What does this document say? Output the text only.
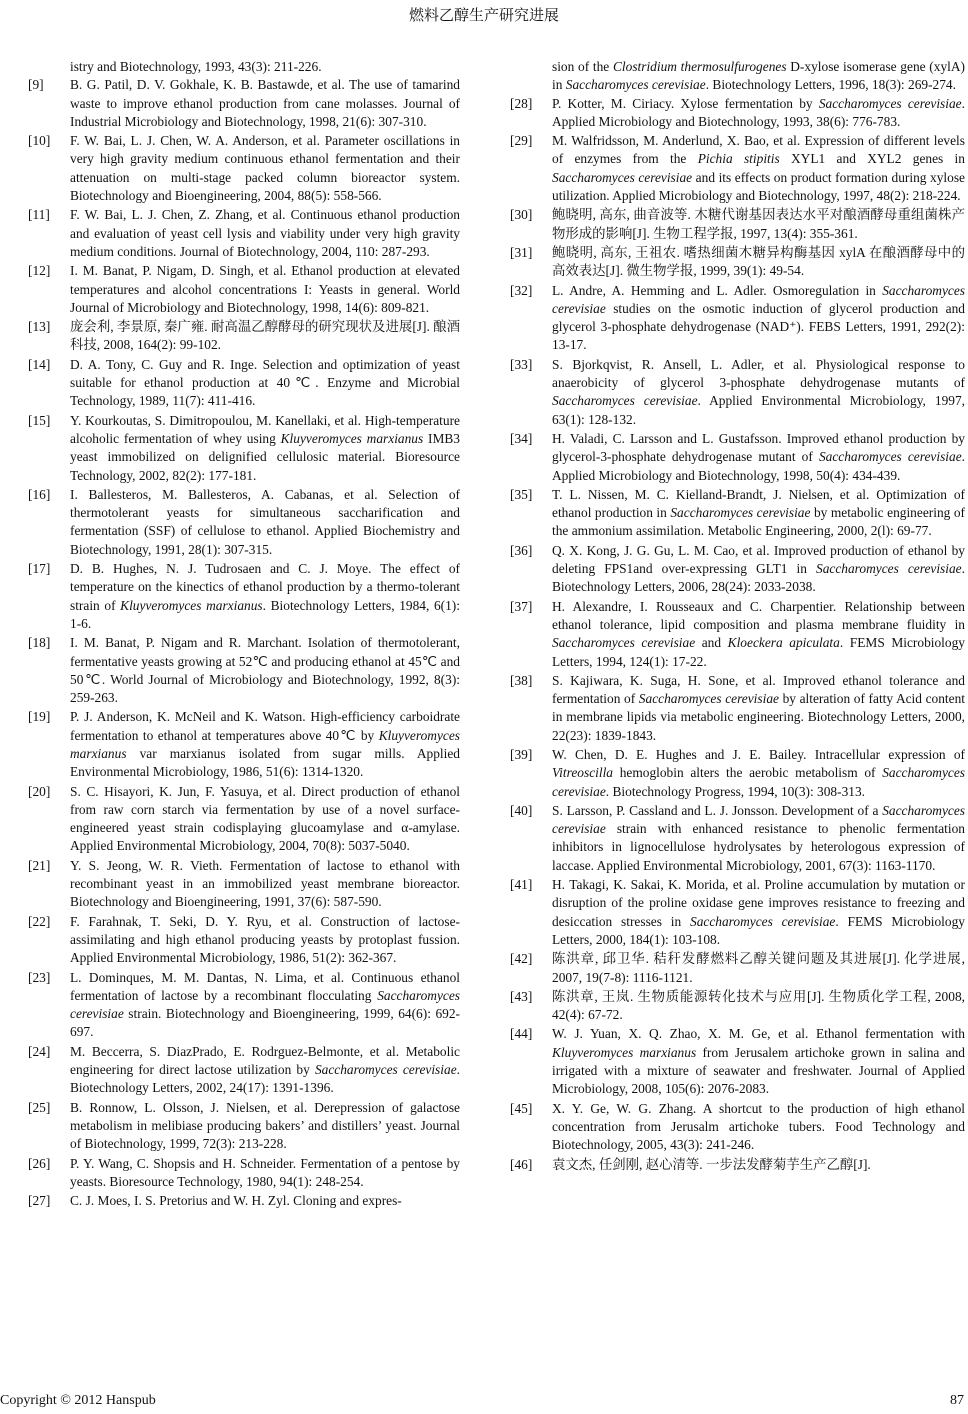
燃料乙醇生产研究进展
istry and Biotechnology, 1993, 43(3): 211-226.
[9]	B. G. Patil, D. V. Gokhale, K. B. Bastawde, et al. The use of tamarind waste to improve ethanol production from cane molasses. Journal of Industrial Microbiology and Biotechnology, 1998, 21(6): 307-310.
[10]	F. W. Bai, L. J. Chen, W. A. Anderson, et al. Parameter oscillations in very high gravity medium continuous ethanol fermentation and their attenuation on multi-stage packed column bioreactor system. Biotechnology and Bioengineering, 2004, 88(5): 558-566.
[11]	F. W. Bai, L. J. Chen, Z. Zhang, et al. Continuous ethanol production and evaluation of yeast cell lysis and viability under very high gravity medium conditions. Journal of Biotechnology, 2004, 110: 287-293.
[12]	I. M. Banat, P. Nigam, D. Singh, et al. Ethanol production at elevated temperatures and alcohol concentrations I: Yeasts in general. World Journal of Microbiology and Biotechnology, 1998, 14(6): 809-821.
[13]	庞会利, 李景原, 秦广雍. 耐高温乙醇酵母的研究现状及进展[J]. 酿酒科技, 2008, 164(2): 99-102.
[14]	D. A. Tony, C. Guy and R. Inge. Selection and optimization of yeast suitable for ethanol production at 40℃. Enzyme and Microbial Technology, 1989, 11(7): 411-416.
[15]	Y. Kourkoutas, S. Dimitropoulou, M. Kanellaki, et al. High-temperature alcoholic fermentation of whey using Kluyveromyces marxianus IMB3 yeast immobilized on delignified cellulosic material. Bioresource Technology, 2002, 82(2): 177-181.
[16]	I. Ballesteros, M. Ballesteros, A. Cabanas, et al. Selection of thermotolerant yeasts for simultaneous saccharification and fermentation (SSF) of cellulose to ethanol. Applied Biochemistry and Biotechnology, 1991, 28(1): 307-315.
[17]	D. B. Hughes, N. J. Tudrosaen and C. J. Moye. The effect of temperature on the kinectics of ethanol production by a thermo-tolerant strain of Kluyveromyces marxianus. Biotechnology Letters, 1984, 6(1): 1-6.
[18]	I. M. Banat, P. Nigam and R. Marchant. Isolation of thermotolerant, fermentative yeasts growing at 52℃ and producing ethanol at 45℃ and 50℃. World Journal of Microbiology and Biotechnology, 1992, 8(3): 259-263.
[19]	P. J. Anderson, K. McNeil and K. Watson. High-efficiency carboidrate fermentation to ethanol at temperatures above 40℃ by Kluyveromyces marxianus var marxianus isolated from sugar mills. Applied Environmental Microbiology, 1986, 51(6): 1314-1320.
[20]	S. C. Hisayori, K. Jun, F. Yasuya, et al. Direct production of ethanol from raw corn starch via fermentation by use of a novel surface-engineered yeast strain codisplaying glucoamylase and α-amylase. Applied Environmental Microbiology, 2004, 70(8): 5037-5040.
[21]	Y. S. Jeong, W. R. Vieth. Fermentation of lactose to ethanol with recombinant yeast in an immobilized yeast membrane bioreactor. Biotechnology and Bioengineering, 1991, 37(6): 587-590.
[22]	F. Farahnak, T. Seki, D. Y. Ryu, et al. Construction of lactose-assimilating and high ethanol producing yeasts by protoplast fussion. Applied Environmental Microbiology, 1986, 51(2): 362-367.
[23]	L. Dominques, M. M. Dantas, N. Lima, et al. Continuous ethanol fermentation of lactose by a recombinant flocculating Saccharomyces cerevisiae strain. Biotechnology and Bioengineering, 1999, 64(6): 692-697.
[24]	M. Beccerra, S. DiazPrado, E. Rodrguez-Belmonte, et al. Metabolic engineering for direct lactose utilization by Saccharomyces cerevisiae. Biotechnology Letters, 2002, 24(17): 1391-1396.
[25]	B. Ronnow, L. Olsson, J. Nielsen, et al. Derepression of galactose metabolism in melibiase producing bakers’ and distillers’ yeast. Journal of Biotechnology, 1999, 72(3): 213-228.
[26]	P. Y. Wang, C. Shopsis and H. Schneider. Fermentation of a pentose by yeasts. Bioresource Technology, 1980, 94(1): 248-254.
[27]	C. J. Moes, I. S. Pretorius and W. H. Zyl. Cloning and expres-
sion of the Clostridium thermosulfurogenes D-xylose isomerase gene (xylA) in Saccharomyces cerevisiae. Biotechnology Letters, 1996, 18(3): 269-274.
[28]	P. Kotter, M. Ciriacy. Xylose fermentation by Saccharomyces cerevisiae. Applied Microbiology and Biotechnology, 1993, 38(6): 776-783.
[29]	M. Walfridsson, M. Anderlund, X. Bao, et al. Expression of different levels of enzymes from the Pichia stipitis XYL1 and XYL2 genes in Saccharomyces cerevisiae and its effects on product formation during xylose utilization. Applied Microbiology and Biotechnology, 1997, 48(2): 218-224.
[30]	鲍晓明, 高东, 曲音波等. 木糖代谢基因表达水平对酿酒酵母重组菌株产物形成的影响[J]. 生物工程学报, 1997, 13(4): 355-361.
[31]	鲍晓明, 高东, 王祖农. 嗜热细菌木糖异构酶基因 xylA 在酿酒酵母中的高效表达[J]. 微生物学报, 1999, 39(1): 49-54.
[32]	L. Andre, A. Hemming and L. Adler. Osmoregulation in Saccharomyces cerevisiae studies on the osmotic induction of glycerol production and glycerol 3-phosphate dehydrogenase (NAD⁺). FEBS Letters, 1991, 292(2): 13-17.
[33]	S. Bjorkqvist, R. Ansell, L. Adler, et al. Physiological response to anaerobicity of glycerol 3-phosphate dehydrogenase mutants of Saccharomyces cerevisiae. Applied Environmental Microbiology, 1997, 63(1): 128-132.
[34]	H. Valadi, C. Larsson and L. Gustafsson. Improved ethanol production by glycerol-3-phosphate dehydrogenase mutant of Saccharomyces cerevisiae. Applied Microbiology and Biotechnology, 1998, 50(4): 434-439.
[35]	T. L. Nissen, M. C. Kielland-Brandt, J. Nielsen, et al. Optimization of ethanol production in Saccharomyces cerevisiae by metabolic engineering of the ammonium assimilation. Metabolic Engineering, 2000, 2(l): 69-77.
[36]	Q. X. Kong, J. G. Gu, L. M. Cao, et al. Improved production of ethanol by deleting FPS1and over-expressing GLT1 in Saccharomyces cerevisiae. Biotechnology Letters, 2006, 28(24): 2033-2038.
[37]	H. Alexandre, I. Rousseaux and C. Charpentier. Relationship between ethanol tolerance, lipid composition and plasma membrane fluidity in Saccharomyces cerevisiae and Kloeckera apiculata. FEMS Microbiology Letters, 1994, 124(1): 17-22.
[38]	S. Kajiwara, K. Suga, H. Sone, et al. Improved ethanol tolerance and fermentation of Saccharomyces cerevisiae by alteration of fatty Acid content in membrane lipids via metabolic engineering. Biotechnology Letters, 2000, 22(23): 1839-1843.
[39]	W. Chen, D. E. Hughes and J. E. Bailey. Intracellular expression of Vitreoscilla hemoglobin alters the aerobic metabolism of Saccharomyces cerevisiae. Biotechnology Progress, 1994, 10(3): 308-313.
[40]	S. Larsson, P. Cassland and L. J. Jonsson. Development of a Saccharomyces cerevisiae strain with enhanced resistance to phenolic fermentation inhibitors in lignocellulose hydrolysates by heterologous expression of laccase. Applied Environmental Microbiology, 2001, 67(3): 1163-1170.
[41]	H. Takagi, K. Sakai, K. Morida, et al. Proline accumulation by mutation or disruption of the proline oxidase gene improves resistance to freezing and desiccation stresses in Saccharomyces cerevisiae. FEMS Microbiology Letters, 2000, 184(1): 103-108.
[42]	陈洪章, 邱卫华. 秸秆发酵燃料乙醇关键问题及其进展[J]. 化学进展, 2007, 19(7-8): 1116-1121.
[43]	陈洪章, 王岚. 生物质能源转化技术与应用[J]. 生物质化学工程, 2008, 42(4): 67-72.
[44]	W. J. Yuan, X. Q. Zhao, X. M. Ge, et al. Ethanol fermentation with Kluyveromyces marxianus from Jerusalem artichoke grown in salina and irrigated with a mixture of seawater and freshwater. Journal of Applied Microbiology, 2008, 105(6): 2076-2083.
[45]	X. Y. Ge, W. G. Zhang. A shortcut to the production of high ethanol concentration from Jerusalm artichoke tubers. Food Technology and Biotechnology, 2005, 43(3): 241-246.
[46]	袁文杰, 任剑刚, 赵心清等. 一步法发酵菊芋生产乙醇[J].
Copyright © 2012 Hanspub	87
